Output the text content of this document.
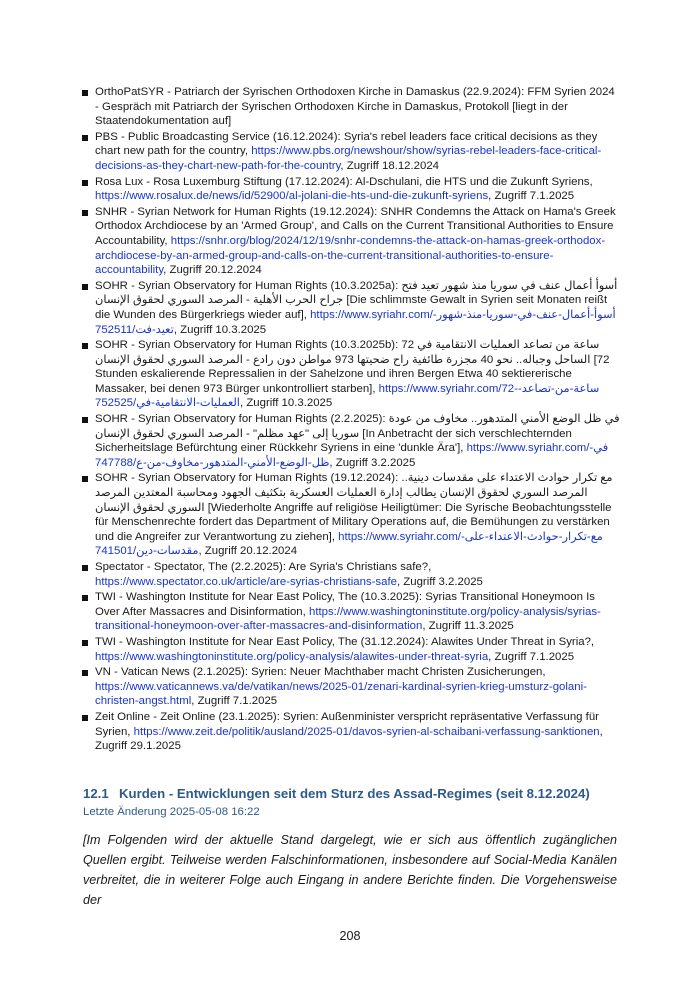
OrthoPatSYR - Patriarch der Syrischen Orthodoxen Kirche in Damaskus (22.9.2024): FFM Syrien 2024 - Gespräch mit Patriarch der Syrischen Orthodoxen Kirche in Damaskus, Protokoll [liegt in der Staatendokumentation auf]
PBS - Public Broadcasting Service (16.12.2024): Syria's rebel leaders face critical decisions as they chart new path for the country, https://www.pbs.org/newshour/show/syrias-rebel-leaders-face-critical-decisions-as-they-chart-new-path-for-the-country, Zugriff 18.12.2024
Rosa Lux - Rosa Luxemburg Stiftung (17.12.2024): Al-Dschulani, die HTS und die Zukunft Syriens, https://www.rosalux.de/news/id/52900/al-jolani-die-hts-und-die-zukunft-syriens, Zugriff 7.1.2025
SNHR - Syrian Network for Human Rights (19.12.2024): SNHR Condemns the Attack on Hama's Greek Orthodox Archdiocese by an 'Armed Group', and Calls on the Current Transitional Authorities to Ensure Accountability, https://snhr.org/blog/2024/12/19/snhr-condemns-the-attack-on-hamas-greek-orthodox-archdiocese-by-an-armed-group-and-calls-on-the-current-transitional-authorities-to-ensure-accountability, Zugriff 20.12.2024
SOHR - Syrian Observatory for Human Rights (10.3.2025a): أسوأ أعمال عنف في سوريا منذ شهور تعيد فتح جراح الحرب الأهلية - المرصد السوري لحقوق الإنسان [Die schlimmste Gewalt in Syrien seit Monaten reißt die Wunden des Bürgerkriegs wieder auf], https://www.syriahr.com/أسوأ-أعمال-عنف-في-سوريا-منذ-شهور-تعيد-فت/752511, Zugriff 10.3.2025
SOHR - Syrian Observatory for Human Rights (10.3.2025b): 72 ساعة من تصاعد العمليات الانتقامية في الساحل وجباله.. نحو 40 مجزرة طائفية راح ضحيتها 973 مواطن دون رادع - المرصد السوري لحقوق الإنسان [72 Stunden eskalierende Repressalien in der Sahelzone und ihren Bergen Etwa 40 sektiererische Massaker, bei denen 973 Bürger unkontrolliert starben], https://www.syriahr.com/72-ساعة-من-تصاعد-العمليات-الانتقامية-في/752525, Zugriff 10.3.2025
SOHR - Syrian Observatory for Human Rights (2.2.2025): في ظل الوضع الأمني المتدهور.. مخاوف من عودة سوريا إلى "عهد مظلم" - المرصد السوري لحقوق الإنسان [In Anbetracht der sich verschlechternden Sicherheitslage Befürchtung einer Rückkehr Syriens in eine 'dunkle Ära'], https://www.syriahr.com/في-ظل-الوضع-الأمني-المتدهور-مخاوف-من-ع/747788, Zugriff 3.2.2025
SOHR - Syrian Observatory for Human Rights (19.12.2024): مع تكرار حوادث الاعتداء على مقدسات دينية.. المرصد السوري لحقوق الإنسان يطالب إدارة العمليات العسكرية بتكثيف الجهود ومحاسبة المعتدين المرصد السوري لحقوق الإنسان [Wiederholte Angriffe auf religiöse Heiligtümer: Die Syrische Beobachtungsstelle für Menschenrechte fordert das Department of Military Operations auf, die Bemühungen zu verstärken und die Angreifer zur Verantwortung zu ziehen], https://www.syriahr.com/مع-تكرار-حوادث-الاعتداء-على-مقدسات-دين/741501, Zugriff 20.12.2024
Spectator - Spectator, The (2.2.2025): Are Syria's Christians safe?, https://www.spectator.co.uk/article/are-syrias-christians-safe, Zugriff 3.2.2025
TWI - Washington Institute for Near East Policy, The (10.3.2025): Syrias Transitional Honeymoon Is Over After Massacres and Disinformation, https://www.washingtoninstitute.org/policy-analysis/syrias-transitional-honeymoon-over-after-massacres-and-disinformation, Zugriff 11.3.2025
TWI - Washington Institute for Near East Policy, The (31.12.2024): Alawites Under Threat in Syria?, https://www.washingtoninstitute.org/policy-analysis/alawites-under-threat-syria, Zugriff 7.1.2025
VN - Vatican News (2.1.2025): Syrien: Neuer Machthaber macht Christen Zusicherungen, https://www.vaticannews.va/de/vatikan/news/2025-01/zenari-kardinal-syrien-krieg-umsturz-golani-christen-angst.html, Zugriff 7.1.2025
Zeit Online - Zeit Online (23.1.2025): Syrien: Außenminister verspricht repräsentative Verfassung für Syrien, https://www.zeit.de/politik/ausland/2025-01/davos-syrien-al-schaibani-verfassung-sanktionen, Zugriff 29.1.2025
12.1 Kurden - Entwicklungen seit dem Sturz des Assad-Regimes (seit 8.12.2024)
Letzte Änderung 2025-05-08 16:22
[Im Folgenden wird der aktuelle Stand dargelegt, wie er sich aus öffentlich zugänglichen Quellen ergibt. Teilweise werden Falschinformationen, insbesondere auf Social-Media Kanälen verbreitet, die in weiterer Folge auch Eingang in andere Berichte finden. Die Vorgehensweise der
208
